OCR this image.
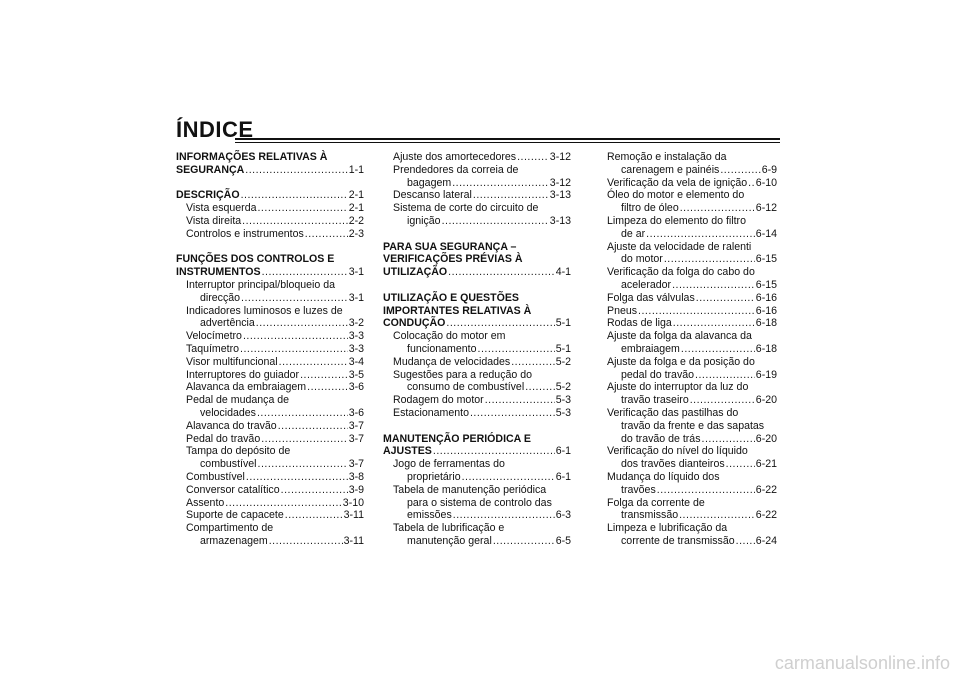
ÍNDICE
INFORMAÇÕES RELATIVAS À
SEGURANÇA .....	1-1
DESCRIÇÃO .....	2-1
Vista esquerda .....	2-1
Vista direita .....	2-2
Controlos e instrumentos .....	2-3
FUNÇÕES DOS CONTROLOS E
INSTRUMENTOS .....	3-1
Interruptor principal/bloqueio da
direcção .....	3-1
Indicadores luminosos e luzes de
advertência .....	3-2
Velocímetro .....	3-3
Taquímetro .....	3-3
Visor multifuncional .....	3-4
Interruptores do guiador .....	3-5
Alavanca da embraiagem .....	3-6
Pedal de mudança de
velocidades .....	3-6
Alavanca do travão .....	3-7
Pedal do travão .....	3-7
Tampa do depósito de
combustível .....	3-7
Combustível .....	3-8
Conversor catalítico .....	3-9
Assento .....	3-10
Suporte de capacete .....	3-11
Compartimento de
armazenagem .....	3-11
Ajuste dos amortecedores .....	3-12
Prendedores da correia de
bagagem .....	3-12
Descanso lateral .....	3-13
Sistema de corte do circuito de
ignição .....	3-13
PARA SUA SEGURANÇA –
VERIFICAÇÕES PRÉVIAS À
UTILIZAÇÃO .....	4-1
UTILIZAÇÃO E QUESTÕES
IMPORTANTES RELATIVAS À
CONDUÇÃO .....	5-1
Colocação do motor em
funcionamento .....	5-1
Mudança de velocidades .....	5-2
Sugestões para a redução do
consumo de combustível .....	5-2
Rodagem do motor .....	5-3
Estacionamento .....	5-3
MANUTENÇÃO PERIÓDICA E
AJUSTES .....	6-1
Jogo de ferramentas do
proprietário .....	6-1
Tabela de manutenção periódica
para o sistema de controlo das
emissões .....	6-3
Tabela de lubrificação e
manutenção geral .....	6-5
Remoção e instalação da
carenagem e painéis .....	6-9
Verificação da vela de ignição ..... 6-10
Óleo do motor e elemento do
filtro de óleo .....	6-12
Limpeza do elemento do filtro
de ar .....	6-14
Ajuste da velocidade de ralenti
do motor .....	6-15
Verificação da folga do cabo do
acelerador .....	6-15
Folga das válvulas .....	6-16
Pneus .....	6-16
Rodas de liga .....	6-18
Ajuste da folga da alavanca da
embraiagem .....	6-18
Ajuste da folga e da posição do
pedal do travão .....	6-19
Ajuste do interruptor da luz do
travão traseiro .....	6-20
Verificação das pastilhas do
travão da frente e das sapatas
do travão de trás .....	6-20
Verificação do nível do líquido
dos travões dianteiros .....	6-21
Mudança do líquido dos
travões .....	6-22
Folga da corrente de
transmissão .....	6-22
Limpeza e lubrificação da
corrente de transmissão ..... 6-24
carmanualsonline.info
